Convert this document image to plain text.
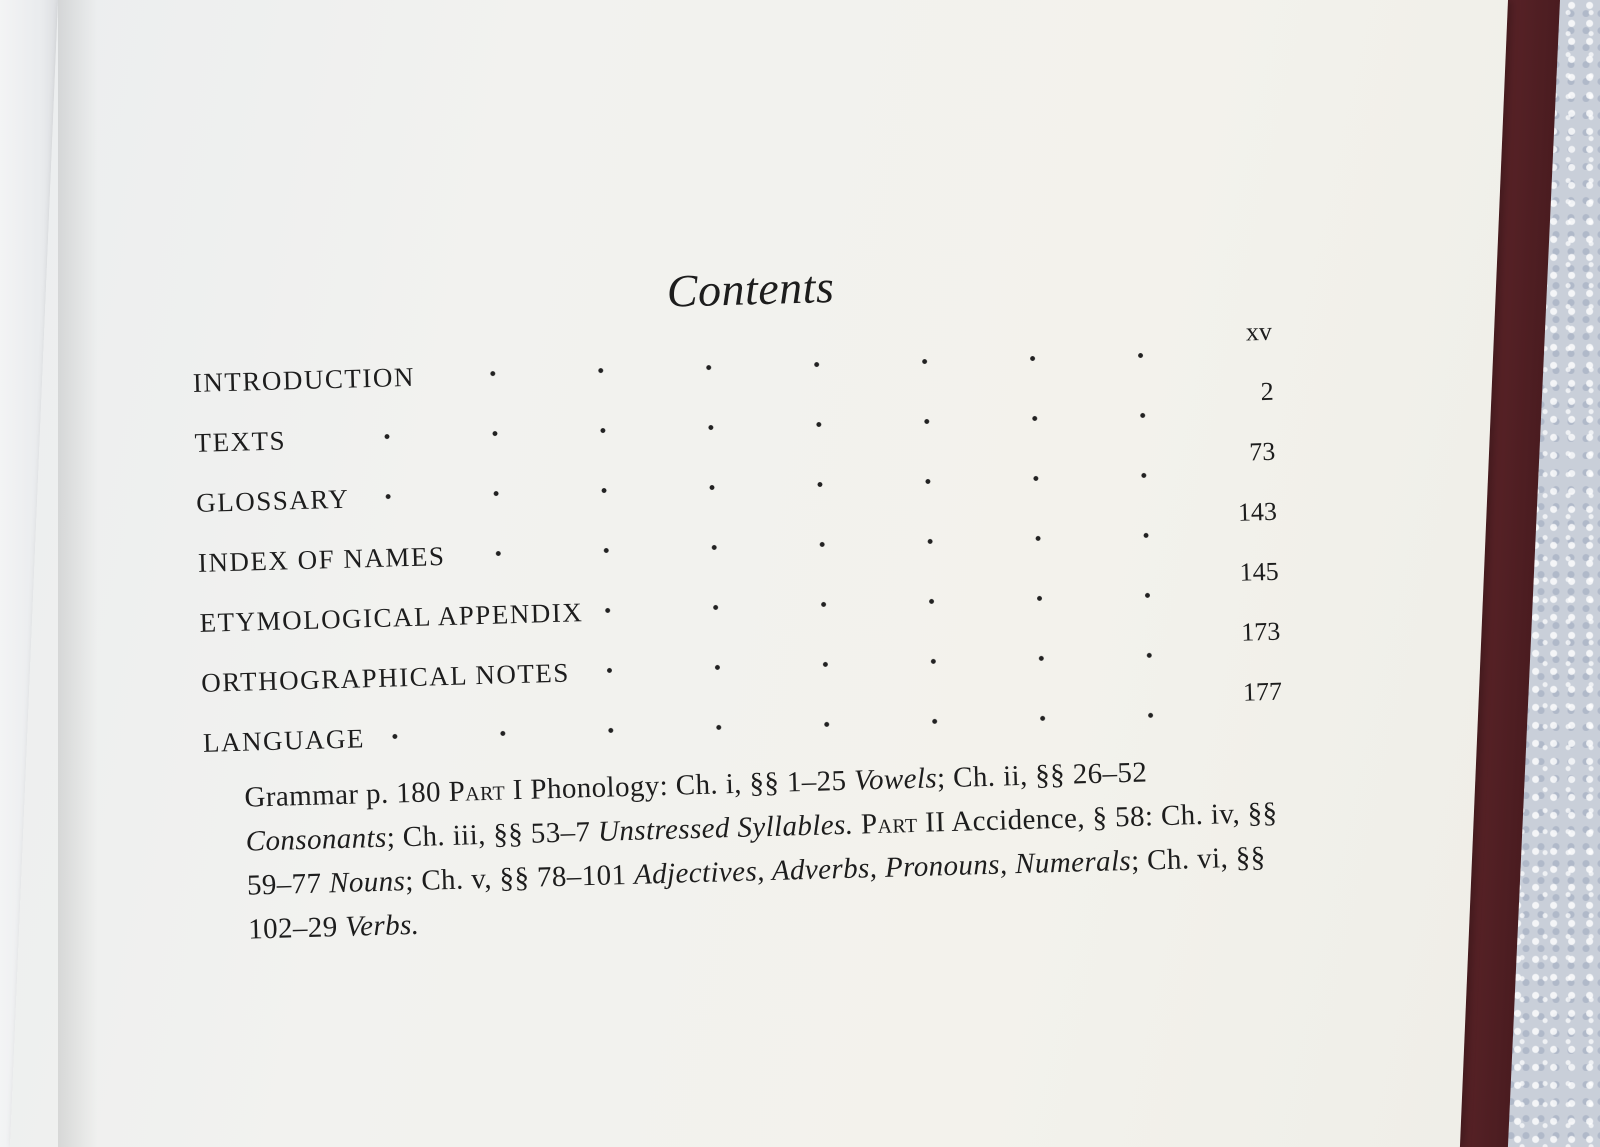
Contents
INTRODUCTION
xv
TEXTS
2
GLOSSARY
73
INDEX OF NAMES
143
ETYMOLOGICAL APPENDIX
145
ORTHOGRAPHICAL NOTES
173
LANGUAGE
177
Grammar p. 180 Part I Phonology: Ch. i, §§ 1–25 Vowels; Ch. ii, §§ 26–52 Consonants; Ch. iii, §§ 53–7 Unstressed Syllables. Part II Accidence, § 58: Ch. iv, §§ 59–77 Nouns; Ch. v, §§ 78–101 Adjectives, Adverbs, Pronouns, Numerals; Ch. vi, §§ 102–29 Verbs.
